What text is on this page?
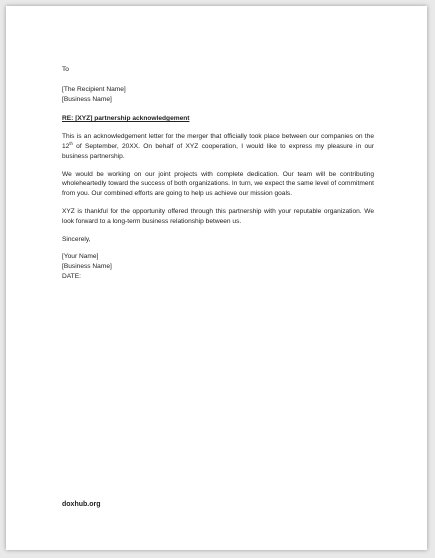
To
[The Recipient Name]
[Business Name]
RE: [XYZ] partnership acknowledgement
This is an acknowledgement letter for the merger that officially took place between our companies on the 12th of September, 20XX. On behalf of XYZ cooperation, I would like to express my pleasure in our business partnership.
We would be working on our joint projects with complete dedication. Our team will be contributing wholeheartedly toward the success of both organizations. In turn, we expect the same level of commitment from you. Our combined efforts are going to help us achieve our mission goals.
XYZ is thankful for the opportunity offered through this partnership with your reputable organization. We look forward to a long-term business relationship between us.
Sincerely,
[Your Name]
[Business Name]
DATE:
doxhub.org
